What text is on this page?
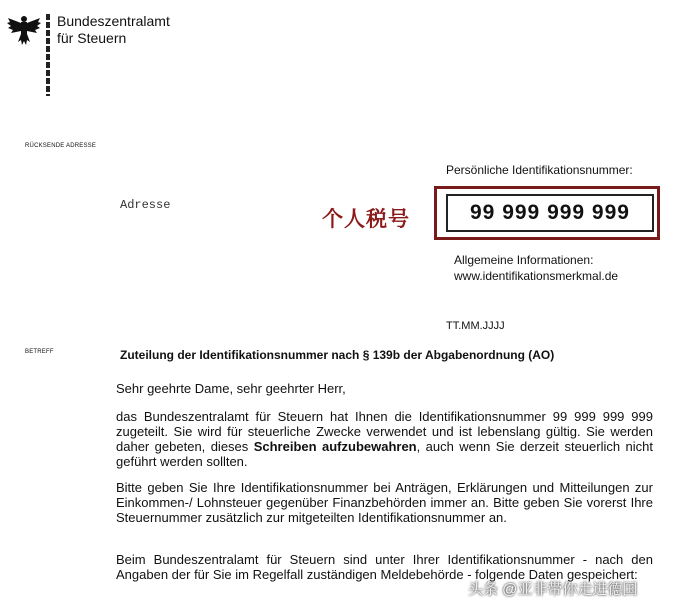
Bundeszentralamt
für Steuern
RÜCKSENDE ADRESSE
Persönliche Identifikationsnummer:
Adresse
个人税号	99 999 999 999
Allgemeine Informationen:
www.identifikationsmerkmal.de
TT.MM.JJJJ
BETREFF	Zuteilung der Identifikationsnummer nach § 139b der Abgabenordnung (AO)
Sehr geehrte Dame, sehr geehrter Herr,
das Bundeszentralamt für Steuern hat Ihnen die Identifikationsnummer 99 999 999 999 zugeteilt. Sie wird für steuerliche Zwecke verwendet und ist lebenslang gültig. Sie werden daher gebeten, dieses Schreiben aufzubewahren, auch wenn Sie derzeit steuerlich nicht geführt werden sollten.
Bitte geben Sie Ihre Identifikationsnummer bei Anträgen, Erklärungen und Mitteilungen zur Einkommen-/ Lohnsteuer gegenüber Finanzbehörden immer an. Bitte geben Sie vorerst Ihre Steuernummer zusätzlich zur mitgeteilten Identifikationsnummer an.
Beim Bundeszentralamt für Steuern sind unter Ihrer Identifikationsnummer - nach den Angaben der für Sie im Regelfall zuständigen Meldebehörde - folgende Daten gespeichert:
头条 @亚非带你走进德国
